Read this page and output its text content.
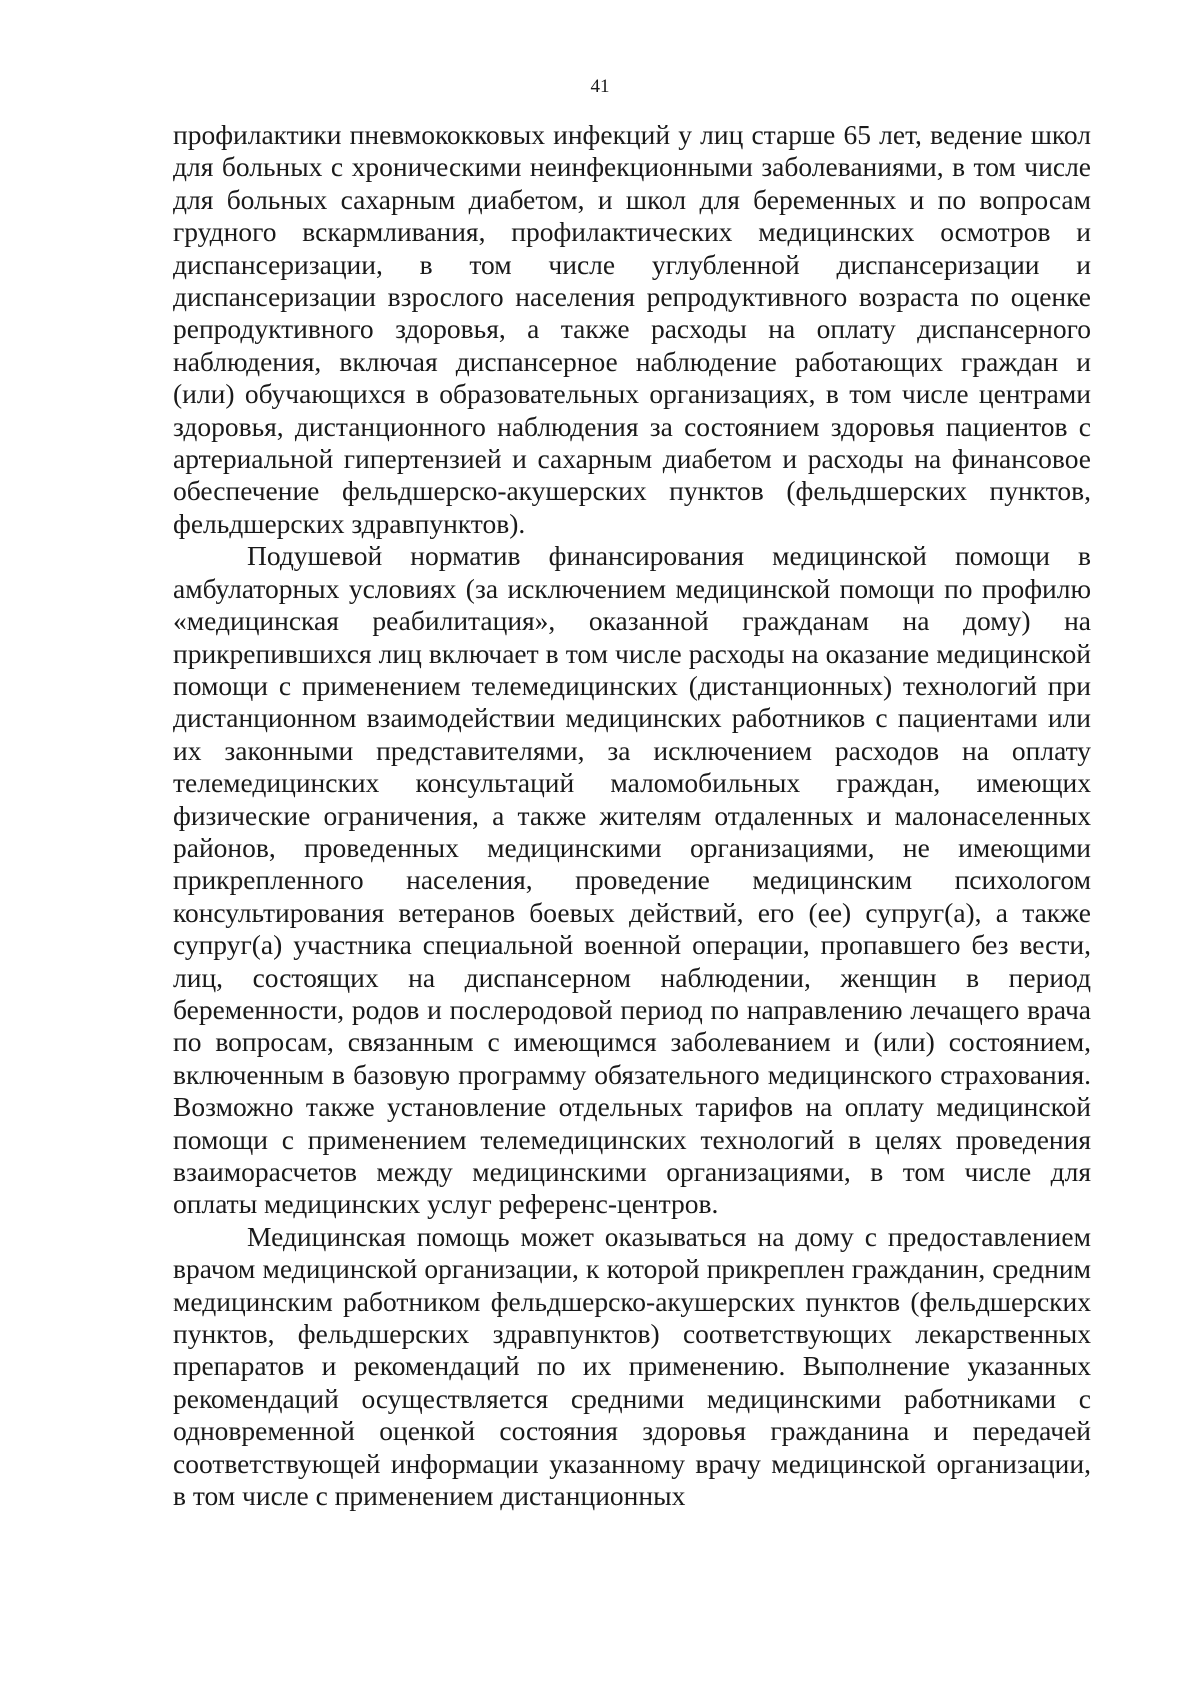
41

профилактики пневмококковых инфекций у лиц старше 65 лет, ведение школ для больных с хроническими неинфекционными заболеваниями, в том числе для больных сахарным диабетом, и школ для беременных и по вопросам грудного вскармливания, профилактических медицинских осмотров и диспансеризации, в том числе углубленной диспансеризации и диспансеризации взрослого населения репродуктивного возраста по оценке репродуктивного здоровья, а также расходы на оплату диспансерного наблюдения, включая диспансерное наблюдение работающих граждан и (или) обучающихся в образовательных организациях, в том числе центрами здоровья, дистанционного наблюдения за состоянием здоровья пациентов с артериальной гипертензией и сахарным диабетом и расходы на финансовое обеспечение фельдшерско-акушерских пунктов (фельдшерских пунктов, фельдшерских здравпунктов).

Подушевой норматив финансирования медицинской помощи в амбулаторных условиях (за исключением медицинской помощи по профилю «медицинская реабилитация», оказанной гражданам на дому) на прикрепившихся лиц включает в том числе расходы на оказание медицинской помощи с применением телемедицинских (дистанционных) технологий при дистанционном взаимодействии медицинских работников с пациентами или их законными представителями, за исключением расходов на оплату телемедицинских консультаций маломобильных граждан, имеющих физические ограничения, а также жителям отдаленных и малонаселенных районов, проведенных медицинскими организациями, не имеющими прикрепленного населения, проведение медицинским психологом консультирования ветеранов боевых действий, его (ее) супруг(а), а также супруг(а) участника специальной военной операции, пропавшего без вести, лиц, состоящих на диспансерном наблюдении, женщин в период беременности, родов и послеродовой период по направлению лечащего врача по вопросам, связанным с имеющимся заболеванием и (или) состоянием, включенным в базовую программу обязательного медицинского страхования. Возможно также установление отдельных тарифов на оплату медицинской помощи с применением телемедицинских технологий в целях проведения взаиморасчетов между медицинскими организациями, в том числе для оплаты медицинских услуг референс-центров.

Медицинская помощь может оказываться на дому с предоставлением врачом медицинской организации, к которой прикреплен гражданин, средним медицинским работником фельдшерско-акушерских пунктов (фельдшерских пунктов, фельдшерских здравпунктов) соответствующих лекарственных препаратов и рекомендаций по их применению. Выполнение указанных рекомендаций осуществляется средними медицинскими работниками с одновременной оценкой состояния здоровья гражданина и передачей соответствующей информации указанному врачу медицинской организации, в том числе с применением дистанционных
